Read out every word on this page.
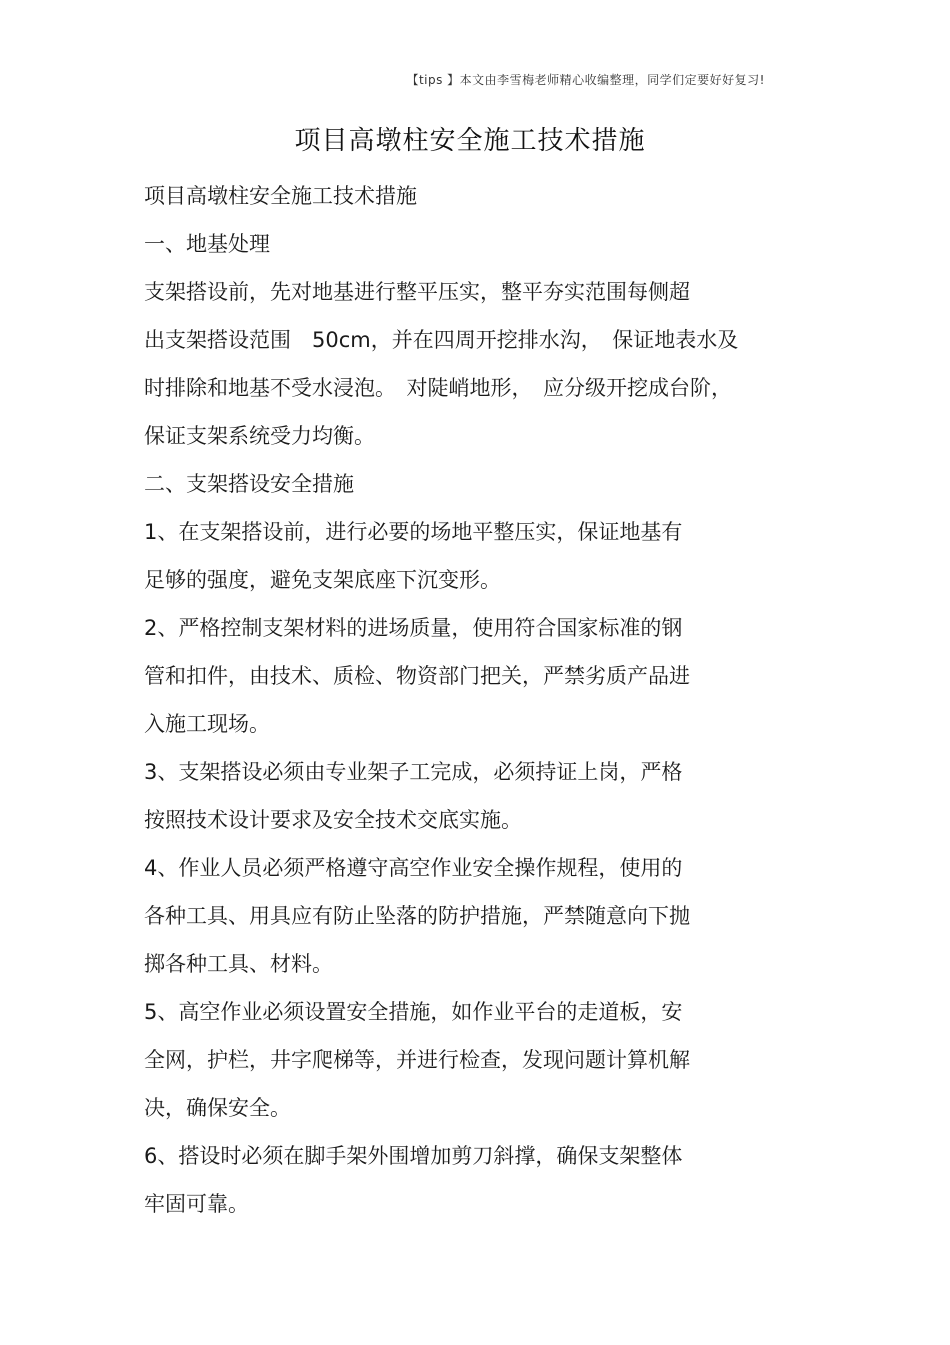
【tips 】本文由李雪梅老师精心收编整理，同学们定要好好复习!
项目高墩柱安全施工技术措施
项目高墩柱安全施工技术措施
一、地基处理
支架搭设前，先对地基进行整平压实，整平夯实范围每侧超
出支架搭设范围　50cm，并在四周开挖排水沟，　保证地表水及
时排除和地基不受水浸泡。　对陡峭地形，　应分级开挖成台阶，
保证支架系统受力均衡。
二、支架搭设安全措施
1、在支架搭设前，进行必要的场地平整压实，保证地基有
足够的强度，避免支架底座下沉变形。
2、严格控制支架材料的进场质量，使用符合国家标准的钢
管和扣件，由技术、质检、物资部门把关，严禁劣质产品进
入施工现场。
3、支架搭设必须由专业架子工完成，必须持证上岗，严格
按照技术设计要求及安全技术交底实施。
4、作业人员必须严格遵守高空作业安全操作规程，使用的
各种工具、用具应有防止坠落的防护措施，严禁随意向下抛
掷各种工具、材料。
5、高空作业必须设置安全措施，如作业平台的走道板，安
全网，护栏，井字爬梯等，并进行检查，发现问题计算机解
决，确保安全。
6、搭设时必须在脚手架外围增加剪刀斜撑，确保支架整体
牢固可靠。
